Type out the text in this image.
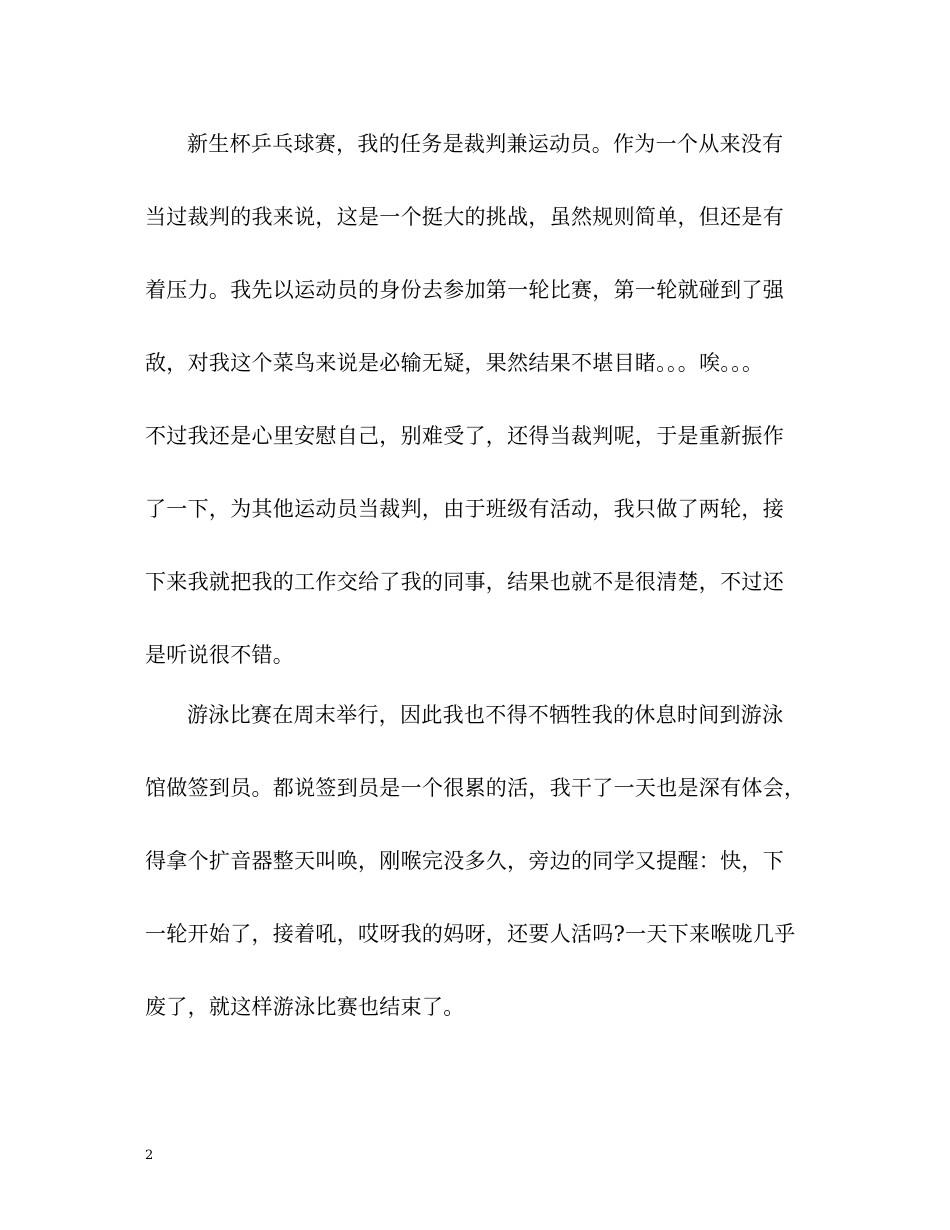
新生杯乒乓球赛，我的任务是裁判兼运动员。作为一个从来没有
当过裁判的我来说，这是一个挺大的挑战，虽然规则简单，但还是有
着压力。我先以运动员的身份去参加第一轮比赛，第一轮就碰到了强
敌，对我这个菜鸟来说是必输无疑，果然结果不堪目睹。。。唉。。。
不过我还是心里安慰自己，别难受了，还得当裁判呢，于是重新振作
了一下，为其他运动员当裁判，由于班级有活动，我只做了两轮，接
下来我就把我的工作交给了我的同事，结果也就不是很清楚，不过还
是听说很不错。
游泳比赛在周末举行，因此我也不得不牺牲我的休息时间到游泳
馆做签到员。都说签到员是一个很累的活，我干了一天也是深有体会，
得拿个扩音器整天叫唤，刚喉完没多久，旁边的同学又提醒：快，下
一轮开始了，接着吼，哎呀我的妈呀，还要人活吗?一天下来喉咙几乎
废了，就这样游泳比赛也结束了。
2
